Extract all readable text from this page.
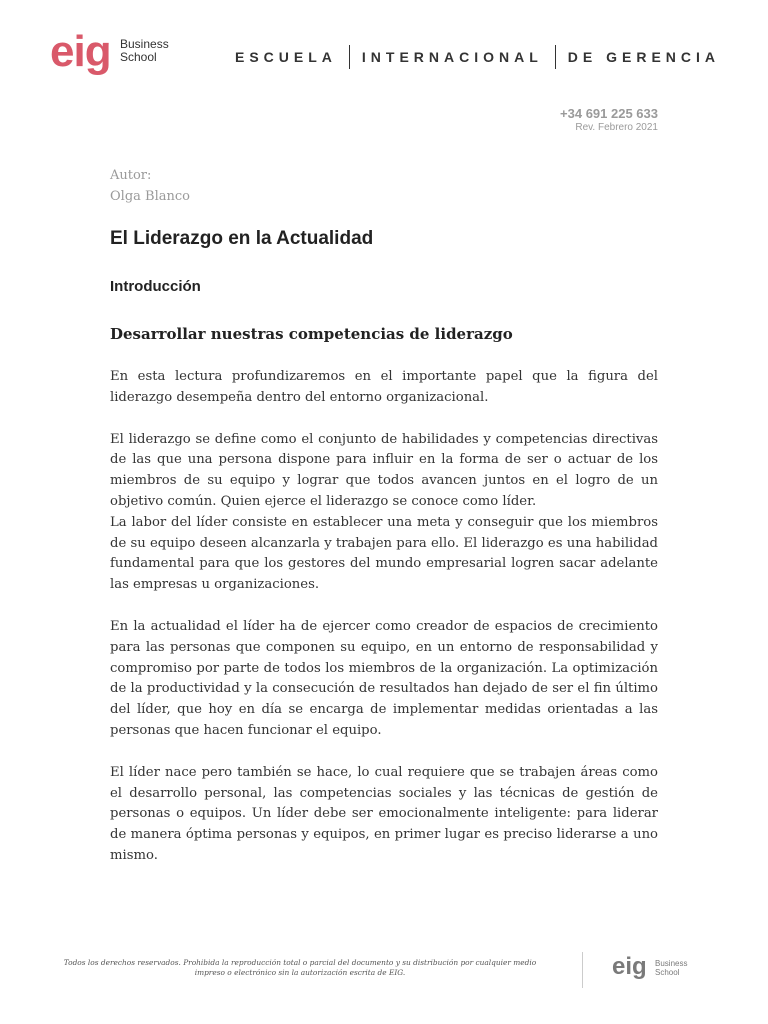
eig Business
School	ESCUELA INTERNACIONAL DE GERENCIA
+34 691 225 633
Rev. Febrero 2021
Autor:
Olga Blanco
El Liderazgo en la Actualidad
Introducción
Desarrollar nuestras competencias de liderazgo

En esta lectura profundizaremos en el importante papel que la figura del liderazgo desempeña dentro del entorno organizacional.

El liderazgo se define como el conjunto de habilidades y competencias directivas de las que una persona dispone para influir en la forma de ser o actuar de los miembros de su equipo y lograr que todos avancen juntos en el logro de un objetivo común. Quien ejerce el liderazgo se conoce como líder.

La labor del líder consiste en establecer una meta y conseguir que los miembros de su equipo deseen alcanzarla y trabajen para ello. El liderazgo es una habilidad fundamental para que los gestores del mundo empresarial logren sacar adelante las empresas u organizaciones.

En la actualidad el líder ha de ejercer como creador de espacios de crecimiento para las personas que componen su equipo, en un entorno de responsabilidad y compromiso por parte de todos los miembros de la organización. La optimización de la productividad y la consecución de resultados han dejado de ser el fin último del líder, que hoy en día se encarga de implementar medidas orientadas a las personas que hacen funcionar el equipo.

El líder nace pero también se hace, lo cual requiere que se trabajen áreas como el desarrollo personal, las competencias sociales y las técnicas de gestión de personas o equipos. Un líder debe ser emocionalmente inteligente: para liderar de manera óptima personas y equipos, en primer lugar es preciso liderarse a uno mismo.

Todos los derechos reservados. Prohibida la reproducción total o parcial del documento y su distribución por cualquier medio
impreso o electrónico sin la autorización escrita de EIG.	eig Business
School
